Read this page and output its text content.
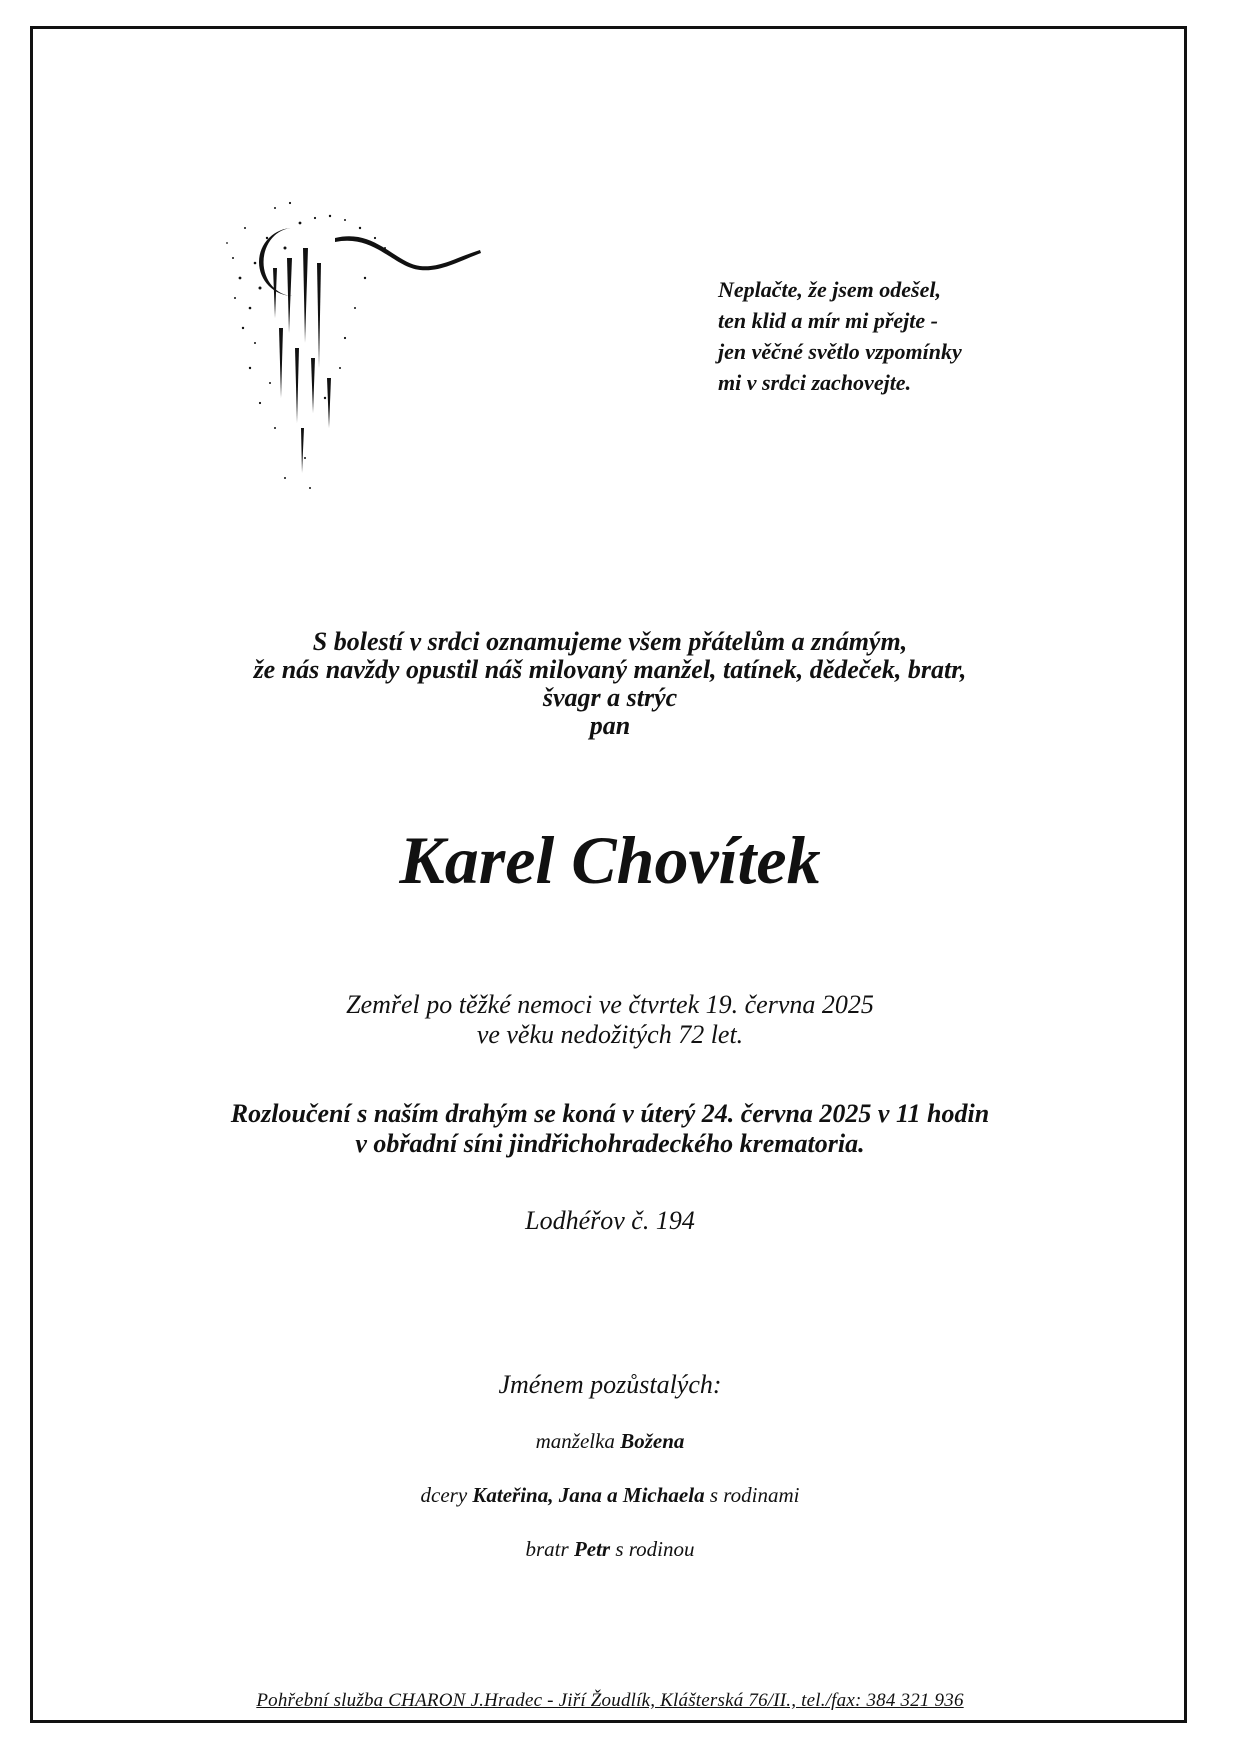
Neplačte, že jsem odešel,
ten klid a mír mi přejte -
jen věčné světlo vzpomínky
mi v srdci zachovejte.
S bolestí v srdci oznamujeme všem přátelům a známým,
že nás navždy opustil náš milovaný manžel, tatínek, dědeček, bratr,
švagr a strýc
pan
Karel Chovítek
Zemřel po těžké nemoci ve čtvrtek 19. června 2025
ve věku nedožitých 72 let.
Rozloučení s naším drahým se koná v úterý 24. června 2025 v 11 hodin
v obřadní síni jindřichohradeckého krematoria.
Lodhéřov č. 194
Jménem pozůstalých:
manželka Božena
dcery Kateřina, Jana a Michaela s rodinami
bratr Petr s rodinou
Pohřební služba CHARON J.Hradec - Jiří Žoudlík, Klášterská 76/II., tel./fax: 384 321 936
